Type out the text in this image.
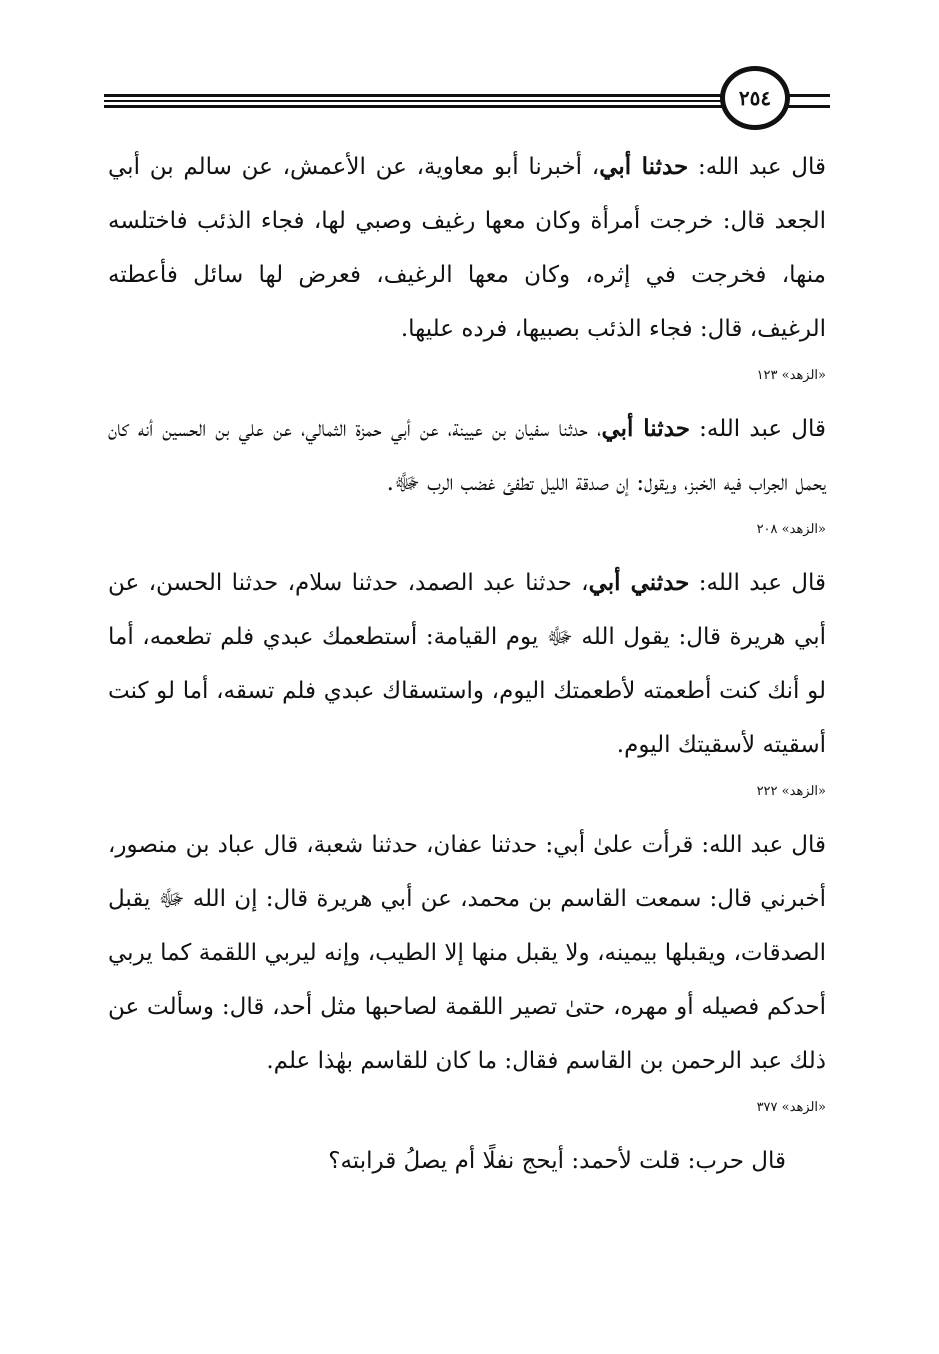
٢٥٤

قال عبد الله: حدثنا أبي، أخبرنا أبو معاوية، عن الأعمش، عن سالم بن أبي الجعد قال: خرجت أمرأة وكان معها رغيف وصبي لها، فجاء الذئب فاختلسه منها، فخرجت في إثره، وكان معها الرغيف، فعرض لها سائل فأعطته الرغيف، قال: فجاء الذئب بصبيها، فرده عليها.

«الزهد» ١٢٣

قال عبد الله: حدثنا أبي، حدثنا سفيان بن عيينة، عن أبي حمزة الثمالي، عن علي بن الحسين أنه كان يحمل الجراب فيه الخبز، ويقول: إن صدقة الليل تطفئ غضب الرب ﷻ.

«الزهد» ٢٠٨

قال عبد الله: حدثني أبي، حدثنا عبد الصمد، حدثنا سلام، حدثنا الحسن، عن أبي هريرة قال: يقول الله ﷻ يوم القيامة: أستطعمك عبدي فلم تطعمه، أما لو أنك كنت أطعمته لأطعمتك اليوم، واستسقاك عبدي فلم تسقه، أما لو كنت أسقيته لأسقيتك اليوم.

«الزهد» ٢٢٢

قال عبد الله: قرأت علىٰ أبي: حدثنا عفان، حدثنا شعبة، قال عباد بن منصور، أخبرني قال: سمعت القاسم بن محمد، عن أبي هريرة قال: إن الله ﷻ يقبل الصدقات، ويقبلها بيمينه، ولا يقبل منها إلا الطيب، وإنه ليربي اللقمة كما يربي أحدكم فصيله أو مهره، حتىٰ تصير اللقمة لصاحبها مثل أحد، قال: وسألت عن ذلك عبد الرحمن بن القاسم فقال: ما كان للقاسم بهٰذا علم.

«الزهد» ٣٧٧

قال حرب: قلت لأحمد: أيحج نفلًا أم يصلُ قرابته؟
